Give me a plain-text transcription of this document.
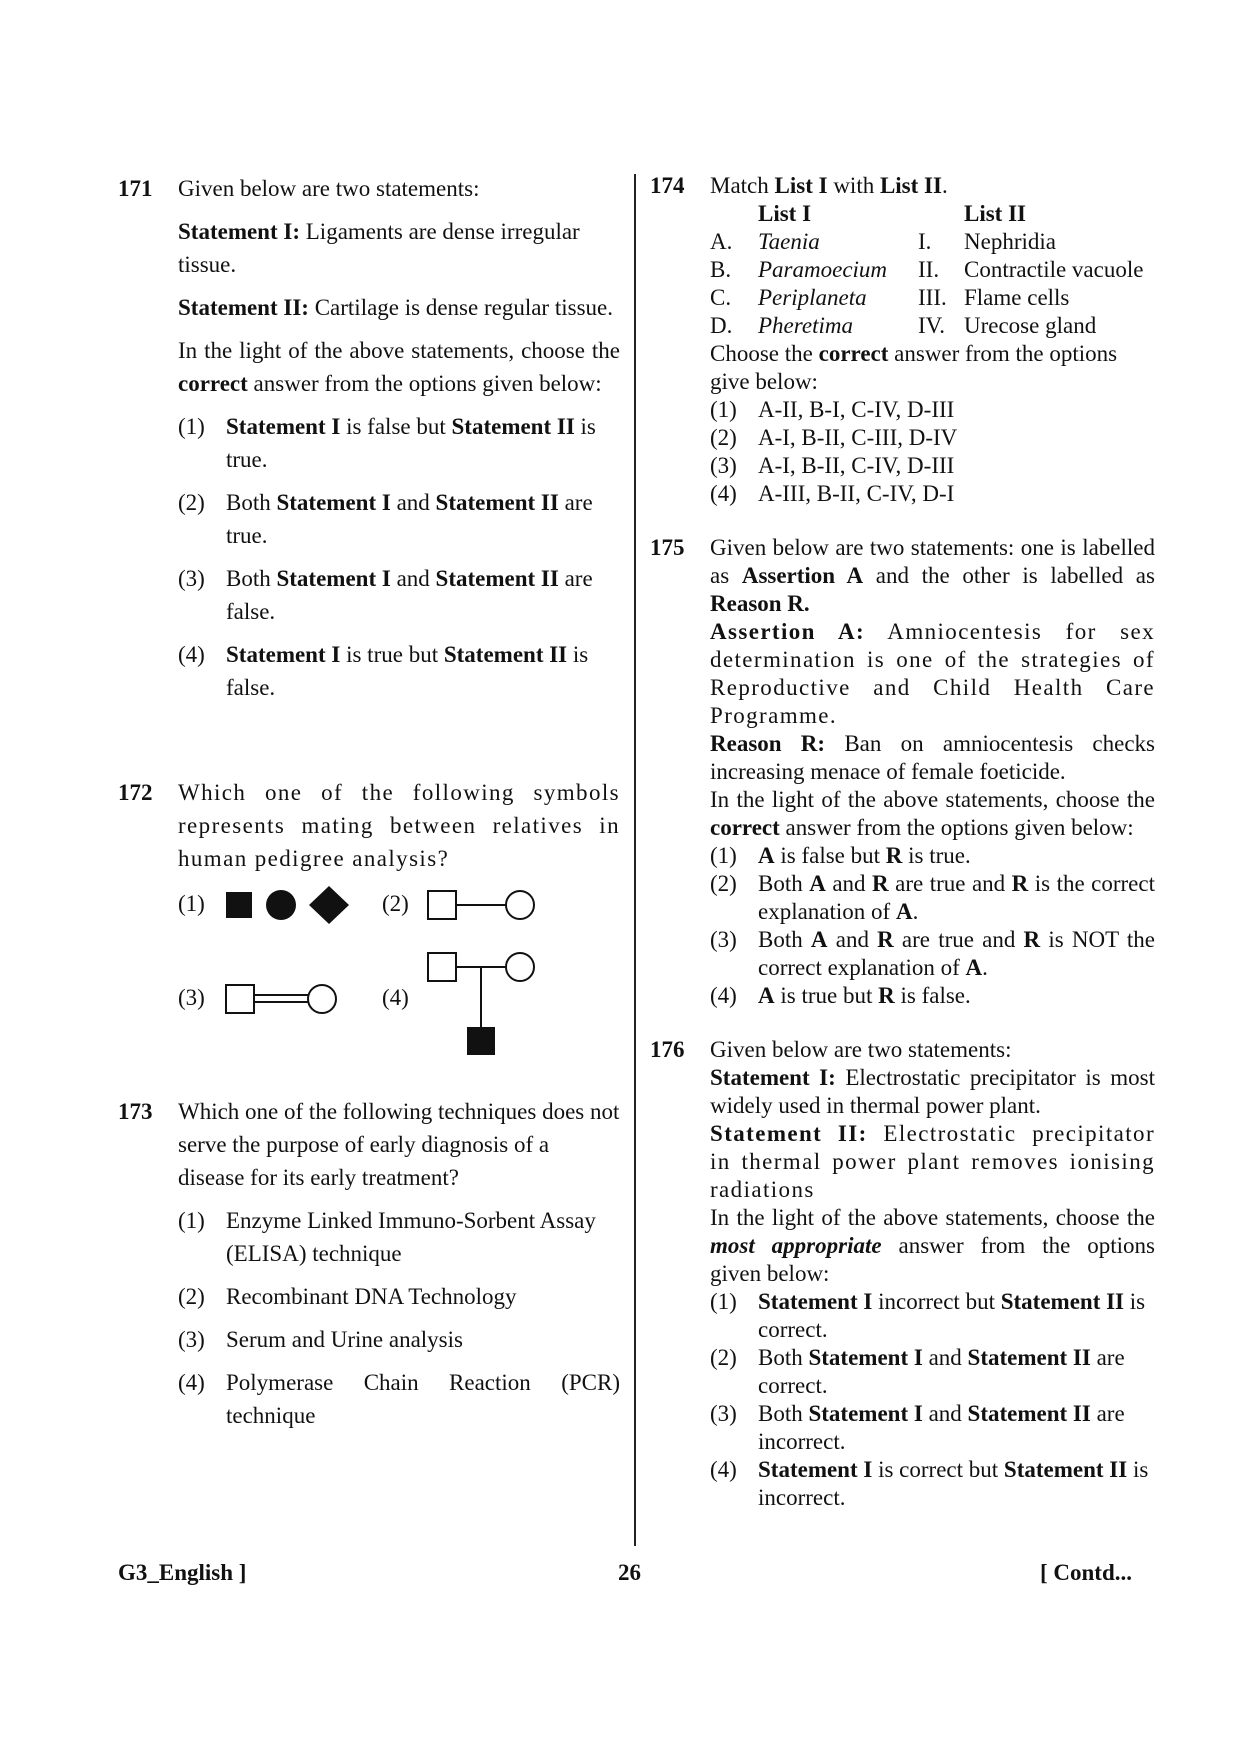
171 Given below are two statements:

Statement I: Ligaments are dense irregular tissue.

Statement II: Cartilage is dense regular tissue.

In the light of the above statements, choose the correct answer from the options given below:

(1) Statement I is false but Statement II is true.
(2) Both Statement I and Statement II are true.
(3) Both Statement I and Statement II are false.
(4) Statement I is true but Statement II is false.
172 Which one of the following symbols represents mating between relatives in human pedigree analysis?

(1)	(2)
(3)	(4)
173 Which one of the following techniques does not serve the purpose of early diagnosis of a disease for its early treatment?

(1) Enzyme Linked Immuno-Sorbent Assay (ELISA) technique
(2) Recombinant DNA Technology
(3) Serum and Urine analysis
(4) Polymerase Chain Reaction (PCR) technique
174 Match List I with List II.

List I	List II
A.	Taenia	I.	Nephridia
B.	Paramoecium	II.	Contractile vacuole
C.	Periplaneta	III. Flame cells
D.	Pheretima	IV. Urecose gland

Choose the correct answer from the options give below:

(1) A-II, B-I, C-IV, D-III
(2) A-I, B-II, C-III, D-IV
(3) A-I, B-II, C-IV, D-III
(4) A-III, B-II, C-IV, D-I
175 Given below are two statements: one is labelled as Assertion A and the other is labelled as Reason R.

Assertion A: Amniocentesis for sex determination is one of the strategies of Reproductive and Child Health Care Programme.

Reason R: Ban on amniocentesis checks increasing menace of female foeticide.

In the light of the above statements, choose the correct answer from the options given below:

(1) A is false but R is true.
(2) Both A and R are true and R is the correct explanation of A.
(3) Both A and R are true and R is NOT the correct explanation of A.
(4) A is true but R is false.
176 Given below are two statements:

Statement I: Electrostatic precipitator is most widely used in thermal power plant.

Statement II: Electrostatic precipitator in thermal power plant removes ionising radiations

In the light of the above statements, choose the most appropriate answer from the options given below:

(1) Statement I incorrect but Statement II is correct.
(2) Both Statement I and Statement II are correct.
(3) Both Statement I and Statement II are incorrect.
(4) Statement I is correct but Statement II is incorrect.
G3_English ]	26	[ Contd...
